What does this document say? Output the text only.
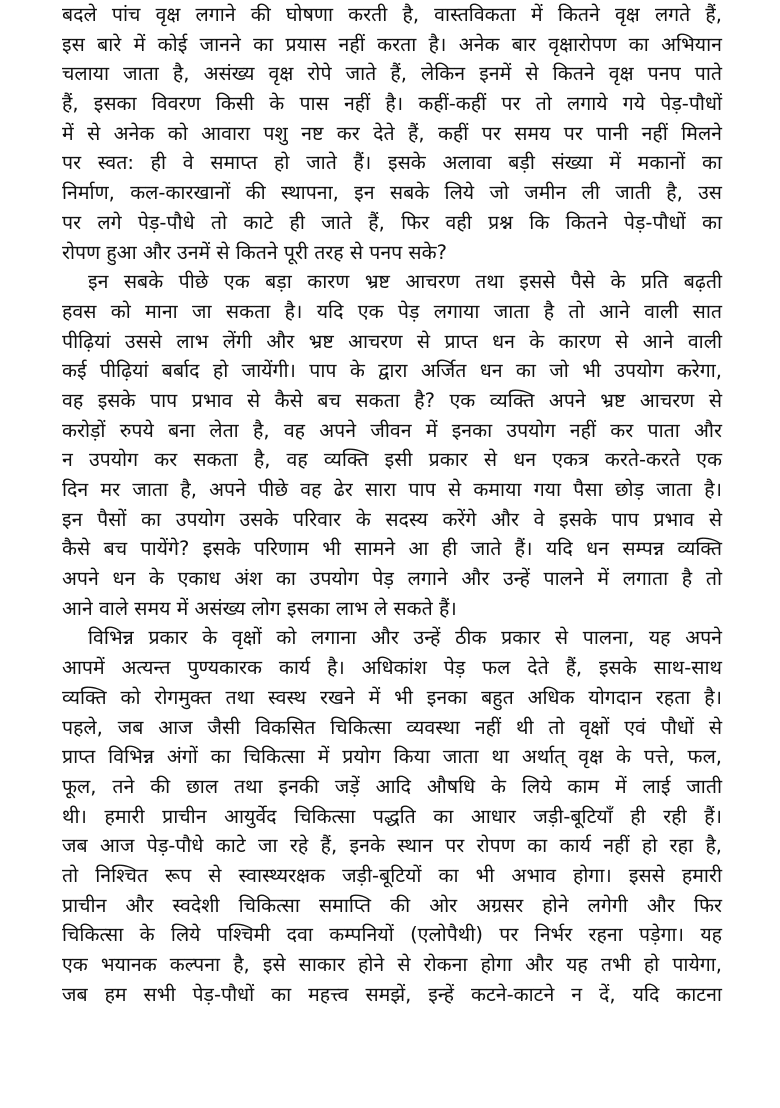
बदले पांच वृक्ष लगाने की घोषणा करती है, वास्तविकता में कितने वृक्ष लगते हैं,
इस बारे में कोई जानने का प्रयास नहीं करता है। अनेक बार वृक्षारोपण का अभियान
चलाया जाता है, असंख्य वृक्ष रोपे जाते हैं, लेकिन इनमें से कितने वृक्ष पनप पाते
हैं, इसका विवरण किसी के पास नहीं है। कहीं-कहीं पर तो लगाये गये पेड़-पौधों
में से अनेक को आवारा पशु नष्ट कर देते हैं, कहीं पर समय पर पानी नहीं मिलने
पर स्वत: ही वे समाप्त हो जाते हैं। इसके अलावा बड़ी संख्या में मकानों का
निर्माण, कल-कारखानों की स्थापना, इन सबके लिये जो जमीन ली जाती है, उस
पर लगे पेड़-पौधे तो काटे ही जाते हैं, फिर वही प्रश्न कि कितने पेड़-पौधों का
रोपण हुआ और उनमें से कितने पूरी तरह से पनप सके?
इन सबके पीछे एक बड़ा कारण भ्रष्ट आचरण तथा इससे पैसे के प्रति बढ़ती
हवस को माना जा सकता है। यदि एक पेड़ लगाया जाता है तो आने वाली सात
पीढ़ियां उससे लाभ लेंगी और भ्रष्ट आचरण से प्राप्त धन के कारण से आने वाली
कई पीढ़ियां बर्बाद हो जायेंगी। पाप के द्वारा अर्जित धन का जो भी उपयोग करेगा,
वह इसके पाप प्रभाव से कैसे बच सकता है? एक व्यक्ति अपने भ्रष्ट आचरण से
करोड़ों रुपये बना लेता है, वह अपने जीवन में इनका उपयोग नहीं कर पाता और
न उपयोग कर सकता है, वह व्यक्ति इसी प्रकार से धन एकत्र करते-करते एक
दिन मर जाता है, अपने पीछे वह ढेर सारा पाप से कमाया गया पैसा छोड़ जाता है।
इन पैसों का उपयोग उसके परिवार के सदस्य करेंगे और वे इसके पाप प्रभाव से
कैसे बच पायेंगे? इसके परिणाम भी सामने आ ही जाते हैं। यदि धन सम्पन्न व्यक्ति
अपने धन के एकाध अंश का उपयोग पेड़ लगाने और उन्हें पालने में लगाता है तो
आने वाले समय में असंख्य लोग इसका लाभ ले सकते हैं।
विभिन्न प्रकार के वृक्षों को लगाना और उन्हें ठीक प्रकार से पालना, यह अपने
आपमें अत्यन्त पुण्यकारक कार्य है। अधिकांश पेड़ फल देते हैं, इसके साथ-साथ
व्यक्ति को रोगमुक्त तथा स्वस्थ रखने में भी इनका बहुत अधिक योगदान रहता है।
पहले, जब आज जैसी विकसित चिकित्सा व्यवस्था नहीं थी तो वृक्षों एवं पौधों से
प्राप्त विभिन्न अंगों का चिकित्सा में प्रयोग किया जाता था अर्थात् वृक्ष के पत्ते, फल,
फूल, तने की छाल तथा इनकी जड़ें आदि औषधि के लिये काम में लाई जाती
थी। हमारी प्राचीन आयुर्वेद चिकित्सा पद्धति का आधार जड़ी-बूटियाँ ही रही हैं।
जब आज पेड़-पौधे काटे जा रहे हैं, इनके स्थान पर रोपण का कार्य नहीं हो रहा है,
तो निश्चित रूप से स्वास्थ्यरक्षक जड़ी-बूटियों का भी अभाव होगा। इससे हमारी
प्राचीन और स्वदेशी चिकित्सा समाप्ति की ओर अग्रसर होने लगेगी और फिर
चिकित्सा के लिये पश्चिमी दवा कम्पनियों (एलोपैथी) पर निर्भर रहना पड़ेगा। यह
एक भयानक कल्पना है, इसे साकार होने से रोकना होगा और यह तभी हो पायेगा,
जब हम सभी पेड़-पौधों का महत्त्व समझें, इन्हें कटने-काटने न दें, यदि काटना
